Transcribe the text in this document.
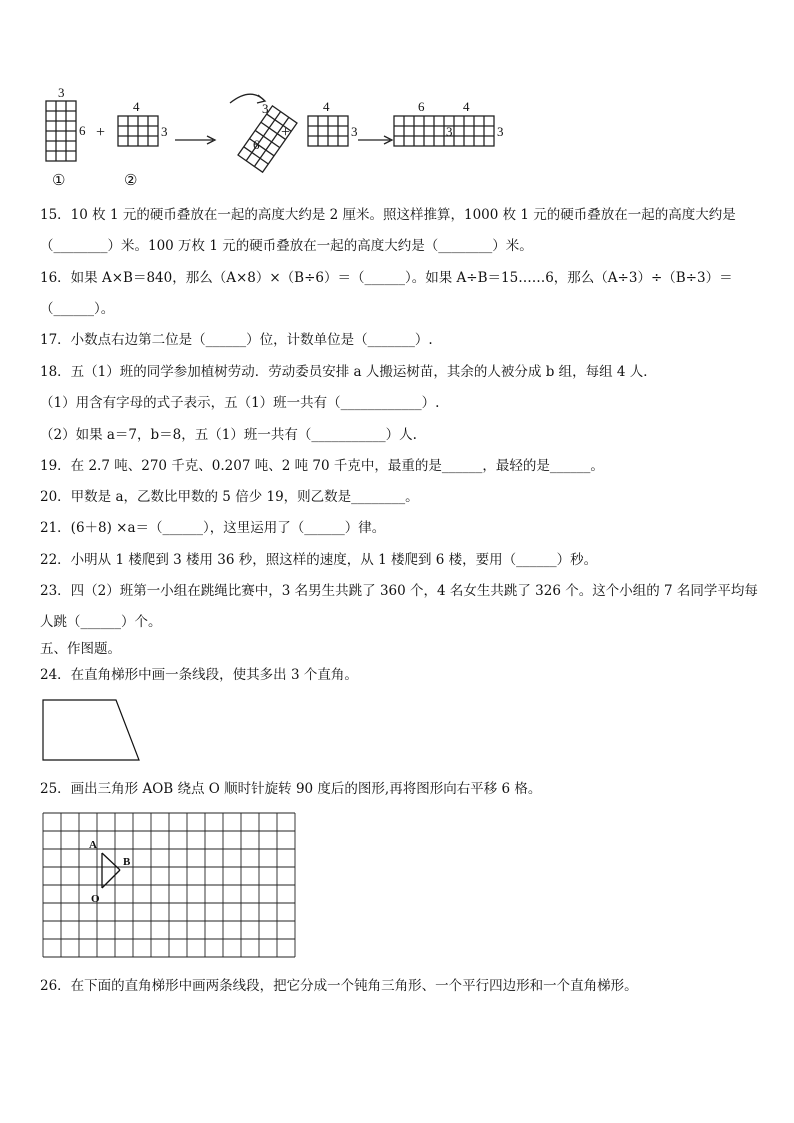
3
6 +
4
3
3
6
+
4
3
6	4
3	3
①	②
15．10 枚 1 元的硬币叠放在一起的高度大约是 2 厘米。照这样推算，1000 枚 1 元的硬币叠放在一起的高度大约是
（________）米。100 万枚 1 元的硬币叠放在一起的高度大约是（________）米。
16．如果 A×B＝840，那么（A×8）×（B÷6）＝（______）。如果 A÷B＝15……6，那么（A÷3）÷（B÷3）＝
（______）。
17．小数点右边第二位是（______）位，计数单位是（_______）.
18．五（1）班的同学参加植树劳动．劳动委员安排 a 人搬运树苗，其余的人被分成 b 组，每组 4 人．
（1）用含有字母的式子表示，五（1）班一共有（____________）.
（2）如果 a＝7，b＝8，五（1）班一共有（___________）人.
19．在 2.7 吨、270 千克、0.207 吨、2 吨 70 千克中，最重的是______，最轻的是______。
20．甲数是 a，乙数比甲数的 5 倍少 19，则乙数是________。
21．(6＋8) ×a＝（______），这里运用了（______）律。
22．小明从 1 楼爬到 3 楼用 36 秒，照这样的速度，从 1 楼爬到 6 楼，要用（______）秒。
23．四（2）班第一小组在跳绳比赛中，3 名男生共跳了 360 个，4 名女生共跳了 326 个。这个小组的 7 名同学平均每
人跳（______）个。
五、作图题。
24．在直角梯形中画一条线段，使其多出 3 个直角。
25．画出三角形 AOB 绕点 O 顺时针旋转 90 度后的图形,再将图形向右平移 6 格。
A
B
O
26．在下面的直角梯形中画两条线段，把它分成一个钝角三角形、一个平行四边形和一个直角梯形。
